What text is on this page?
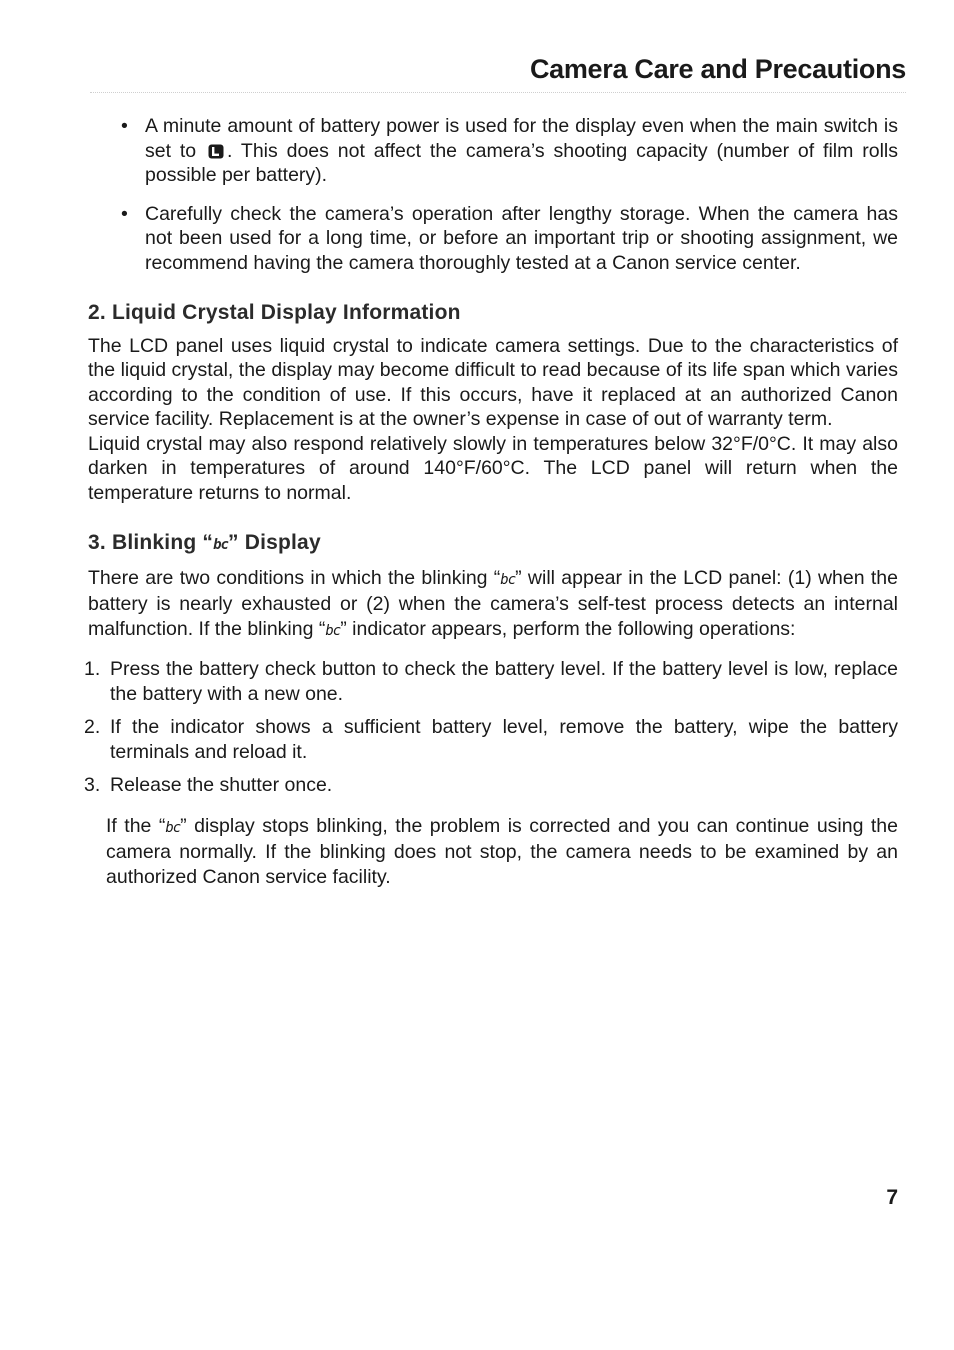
Camera Care and Precautions
• A minute amount of battery power is used for the display even when the main switch is set to . This does not affect the camera’s shooting capacity (number of film rolls possible per battery).
• Carefully check the camera’s operation after lengthy storage. When the camera has not been used for a long time, or before an important trip or shooting assignment, we recommend having the camera thoroughly tested at a Canon service center.
2. Liquid Crystal Display Information

The LCD panel uses liquid crystal to indicate camera settings. Due to the characteristics of the liquid crystal, the display may become difficult to read because of its life span which varies according to the condition of use. If this occurs, have it replaced at an authorized Canon service facility. Replacement is at the owner’s expense in case of out of warranty term.

Liquid crystal may also respond relatively slowly in temperatures below 32°F/0°C. It may also darken in temperatures of around 140°F/60°C. The LCD panel will return when the temperature returns to normal.

3. Blinking “bc” Display

There are two conditions in which the blinking “bc” will appear in the LCD panel: (1) when the battery is nearly exhausted or (2) when the camera’s self-test process detects an internal malfunction. If the blinking “bc” indicator appears, perform the following operations:

1. Press the battery check button to check the battery level. If the battery level is low, replace the battery with a new one.
2. If the indicator shows a sufficient battery level, remove the battery, wipe the battery terminals and reload it.
3. Release the shutter once.

If the “bc” display stops blinking, the problem is corrected and you can continue using the camera normally. If the blinking does not stop, the camera needs to be examined by an authorized Canon service facility.

7
